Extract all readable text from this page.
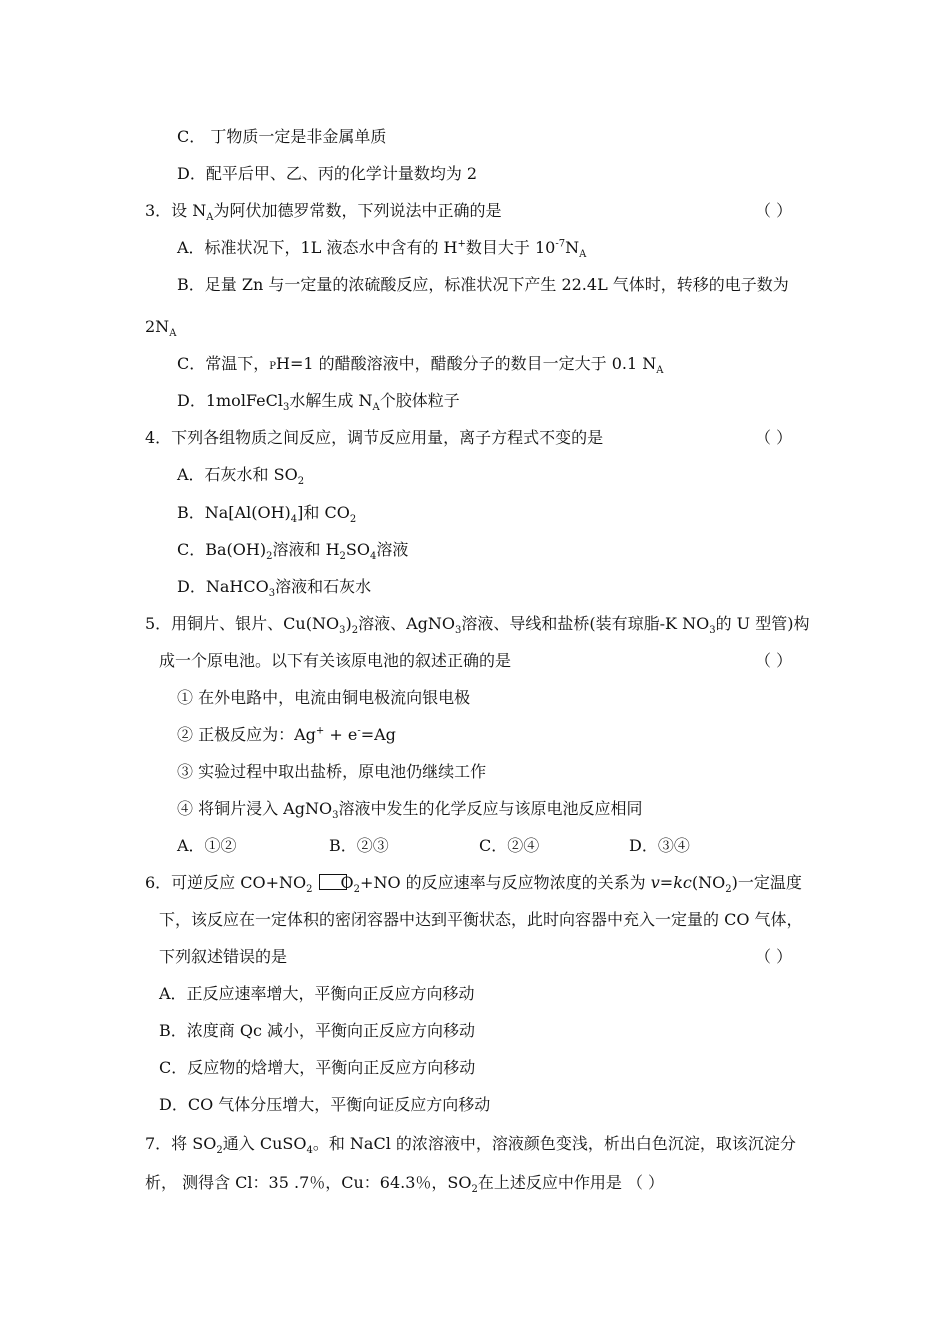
C． 丁物质一定是非金属单质
D．配平后甲、乙、丙的化学计量数均为 2
3．设 $N_A$为阿伏加德罗常数，下列说法中正确的是	（ ）
A．标准状况下，1L 液态水中含有的 H+数目大于 $10^{-7}N_A$
B．足量 Zn 与一定量的浓硫酸反应，标准状况下产生 22.4L 气体时，转移的电子数为
$2N_A$
C．常温下，PH=1 的醋酸溶液中，醋酸分子的数目一定大于 0.1 $N_A$
D．1molFeCl$_3$水解生成 $N_A$个胶体粒子
4．下列各组物质之间反应，调节反应用量，离子方程式不变的是	（ ）
A．石灰水和 $SO_2$
B．$Na[Al(OH)_4]$和 $CO_2$
C．$Ba(OH)_2$溶液和 $H_2SO_4$溶液
D．NaHCO$_3$溶液和石灰水
5．用铜片、银片、$Cu(NO_3)_2$溶液、AgNO$_3$溶液、导线和盐桥(装有琼脂-K $NO_3$的 U 型管)构
成一个原电池。以下有关该原电池的叙述正确的是	（ ）
① 在外电路中，电流由铜电极流向银电极
② 正极反应为：Ag+ + e-=Ag
③ 实验过程中取出盐桥，原电池仍继续工作
④ 将铜片浸入 AgNO$_3$溶液中发生的化学反应与该原电池反应相同
A．①②	B．②③	C．②④	D．③④
6．可逆反应 $CO+NO_2$ $O_2+NO$ 的反应速率与反应物浓度的关系为 $v=kc(NO_2)$一定温度
下，该反应在一定体积的密闭容器中达到平衡状态，此时向容器中充入一定量的 CO 气体，
下列叙述错误的是	（ ）
A．正反应速率增大，平衡向正反应方向移动
B．浓度商 Qc 减小，平衡向正反应方向移动
C．反应物的焓增大，平衡向正反应方向移动
D．CO 气体分压增大，平衡向证反应方向移动
7．将 $SO_2$通入 CuSO$_4$。和 NaCl 的浓溶液中，溶液颜色变浅，析出白色沉淀，取该沉淀分
析， 测得含 Cl：35 .7％，Cu：64.3％，$SO_2$在上述反应中作用是 （ ）
